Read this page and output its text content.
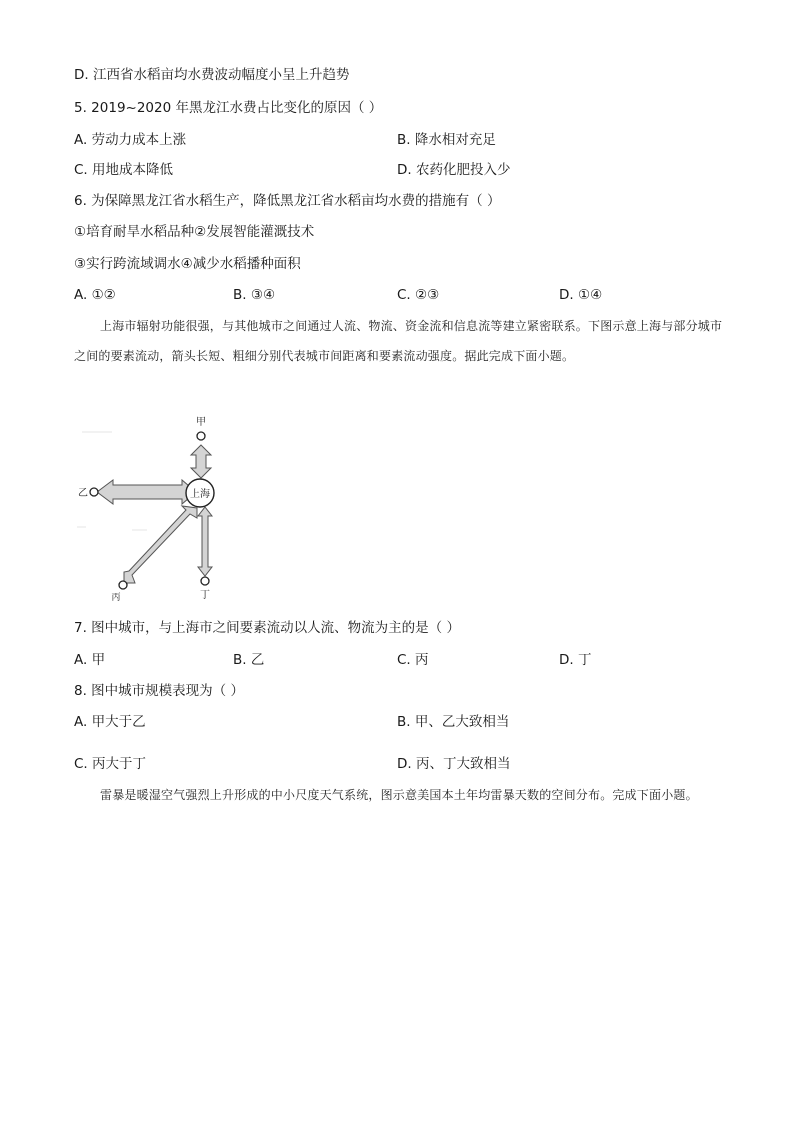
D. 江西省水稻亩均水费波动幅度小呈上升趋势
5. 2019~2020 年黑龙江水费占比变化的原因（ ）
A. 劳动力成本上涨	B. 降水相对充足
C. 用地成本降低	D. 农药化肥投入少
6. 为保障黑龙江省水稻生产，降低黑龙江省水稻亩均水费的措施有（ ）
①培育耐旱水稻品种②发展智能灌溉技术
③实行跨流域调水④减少水稻播种面积
A. ①②	B. ③④	C. ②③	D. ①④
上海市辐射功能很强，与其他城市之间通过人流、物流、资金流和信息流等建立紧密联系。下图示意上海与部分城市之间的要素流动，箭头长短、粗细分别代表城市间距离和要素流动强度。据此完成下面小题。
上海
甲
乙
丁
丙
7. 图中城市，与上海市之间要素流动以人流、物流为主的是（ ）
A. 甲	B. 乙	C. 丙	D. 丁
8. 图中城市规模表现为（ ）
A. 甲大于乙	B. 甲、乙大致相当
C. 丙大于丁	D. 丙、丁大致相当
雷暴是暖湿空气强烈上升形成的中小尺度天气系统，图示意美国本土年均雷暴天数的空间分布。完成下面小题。
